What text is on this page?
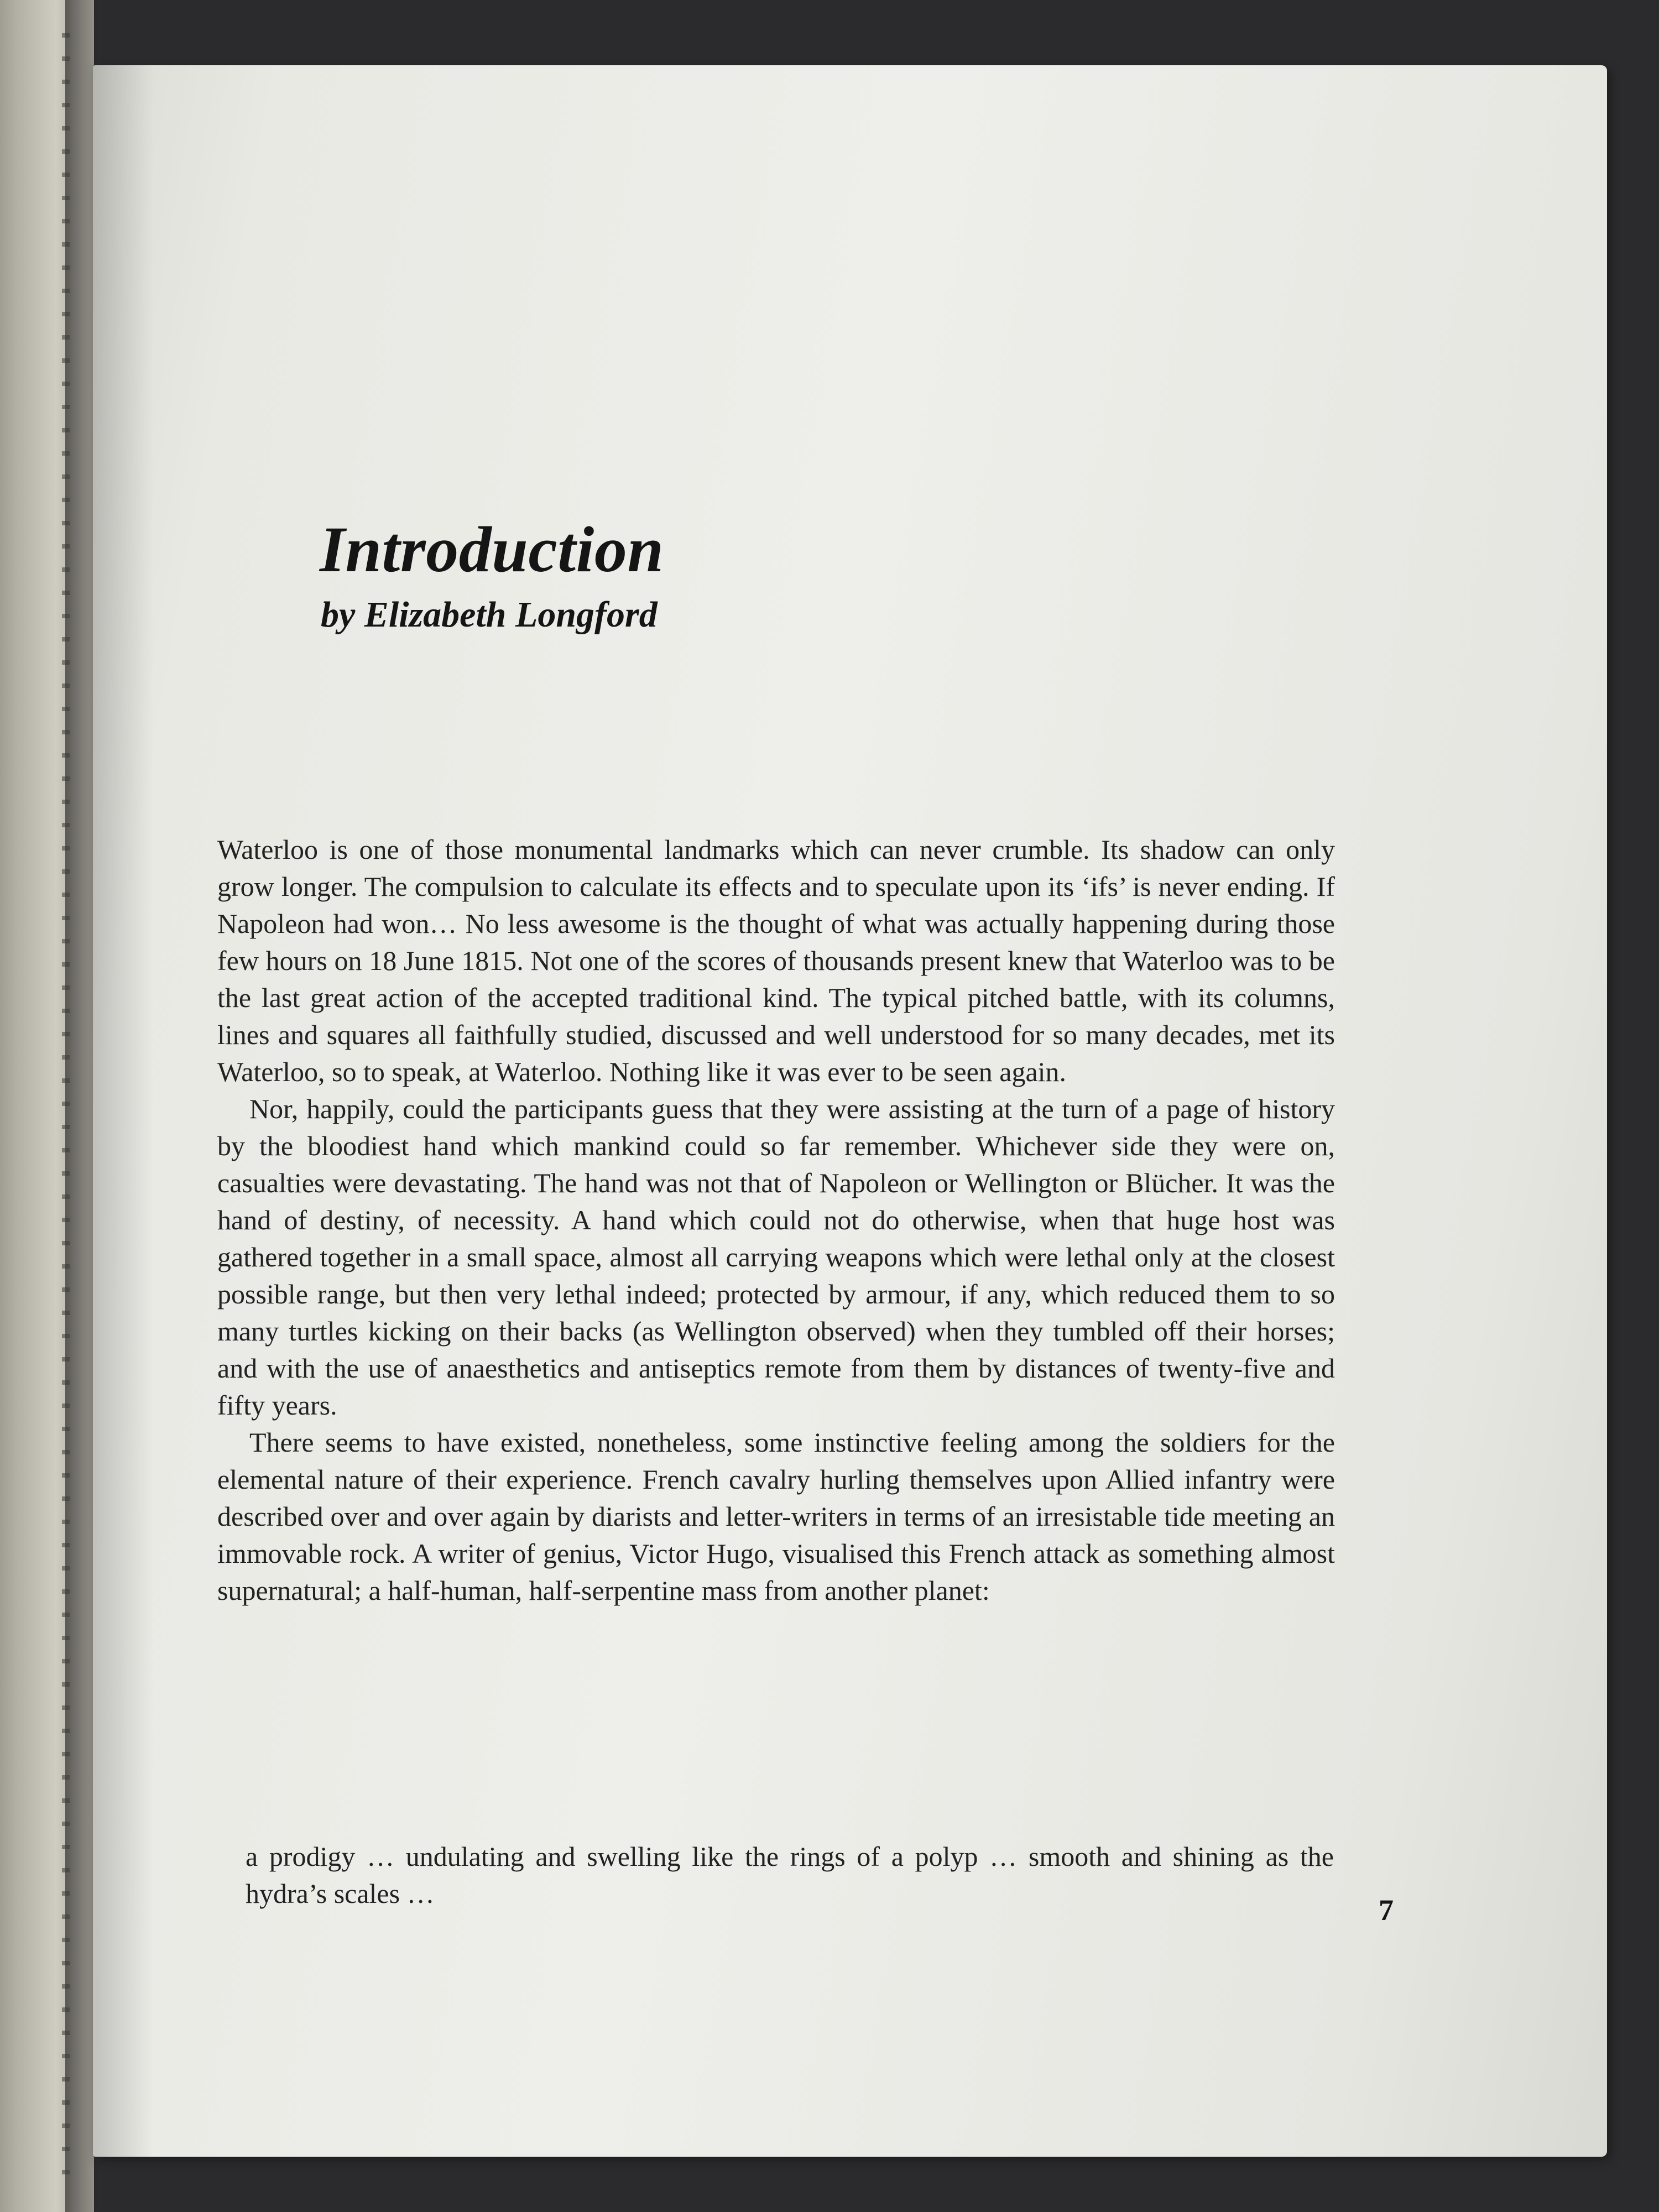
Introduction
by Elizabeth Longford

Waterloo is one of those monumental landmarks which can never crumble. Its shadow can only grow longer. The compulsion to calculate its effects and to speculate upon its ‘ifs’ is never ending. If Napoleon had won… No less awesome is the thought of what was actually happening during those few hours on 18 June 1815. Not one of the scores of thousands present knew that Waterloo was to be the last great action of the accepted traditional kind. The typical pitched battle, with its columns, lines and squares all faithfully studied, discussed and well understood for so many decades, met its Waterloo, so to speak, at Waterloo. Nothing like it was ever to be seen again.

Nor, happily, could the participants guess that they were assisting at the turn of a page of history by the bloodiest hand which mankind could so far remember. Whichever side they were on, casualties were devastating. The hand was not that of Napoleon or Wellington or Blücher. It was the hand of destiny, of necessity. A hand which could not do otherwise, when that huge host was gathered together in a small space, almost all carrying weapons which were lethal only at the closest possible range, but then very lethal indeed; protected by armour, if any, which reduced them to so many turtles kicking on their backs (as Wellington observed) when they tumbled off their horses; and with the use of anaesthetics and antiseptics remote from them by distances of twenty-five and fifty years.

There seems to have existed, nonetheless, some instinctive feeling among the soldiers for the elemental nature of their experience. French cavalry hurling themselves upon Allied infantry were described over and over again by diarists and letter-writers in terms of an irresistable tide meeting an immovable rock. A writer of genius, Victor Hugo, visualised this French attack as something almost supernatural; a half-human, half-serpentine mass from another planet:

a prodigy … undulating and swelling like the rings of a polyp … smooth and shining as the hydra’s scales …	7
